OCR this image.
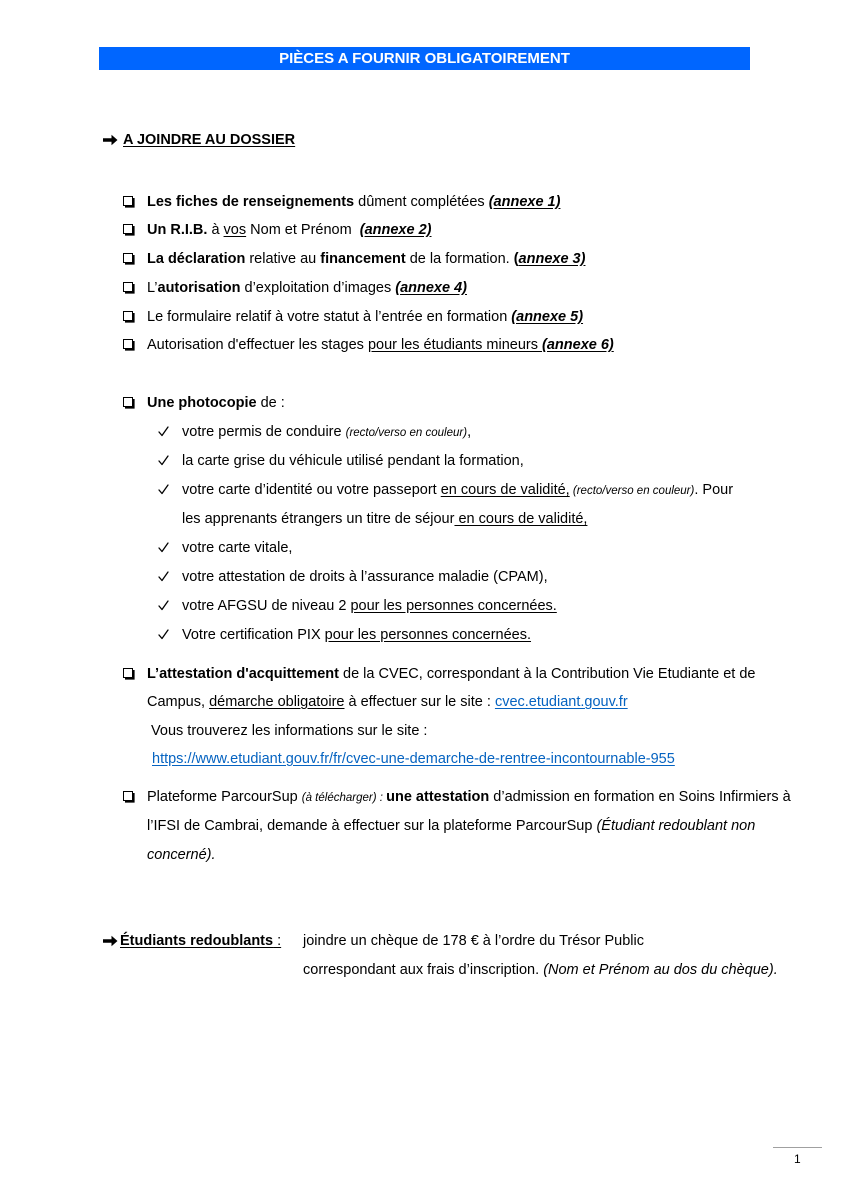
PIÈCES A FOURNIR OBLIGATOIREMENT
A JOINDRE AU DOSSIER
Les fiches de renseignements dûment complétées (annexe 1)
Un R.I.B. à vos Nom et Prénom  (annexe 2)
La déclaration relative au financement de la formation. (annexe 3)
L’autorisation d’exploitation d’images (annexe 4)
Le formulaire relatif à votre statut à l’entrée en formation (annexe 5)
Autorisation d'effectuer les stages pour les étudiants mineurs (annexe 6)
Une photocopie de :
votre permis de conduire (recto/verso en couleur),
la carte grise du véhicule utilisé pendant la formation,
votre carte d’identité ou votre passeport en cours de validité, (recto/verso en couleur). Pour
les apprenants étrangers un titre de séjour en cours de validité,
votre carte vitale,
votre attestation de droits à l’assurance maladie (CPAM),
votre AFGSU de niveau 2 pour les personnes concernées.
Votre certification PIX pour les personnes concernées.
L’attestation d'acquittement de la CVEC, correspondant à la Contribution Vie Etudiante et de
Campus, démarche obligatoire à effectuer sur le site : cvec.etudiant.gouv.fr
Vous trouverez les informations sur le site :
https://www.etudiant.gouv.fr/fr/cvec-une-demarche-de-rentree-incontournable-955
Plateforme ParcourSup (à télécharger) : une attestation d’admission en formation en Soins Infirmiers à
l’IFSI de Cambrai, demande à effectuer sur la plateforme ParcourSup (Étudiant redoublant non
concerné).
Étudiants redoublants : joindre un chèque de 178 € à l’ordre du Trésor Public
correspondant aux frais d’inscription. (Nom et Prénom au dos du chèque).
1
